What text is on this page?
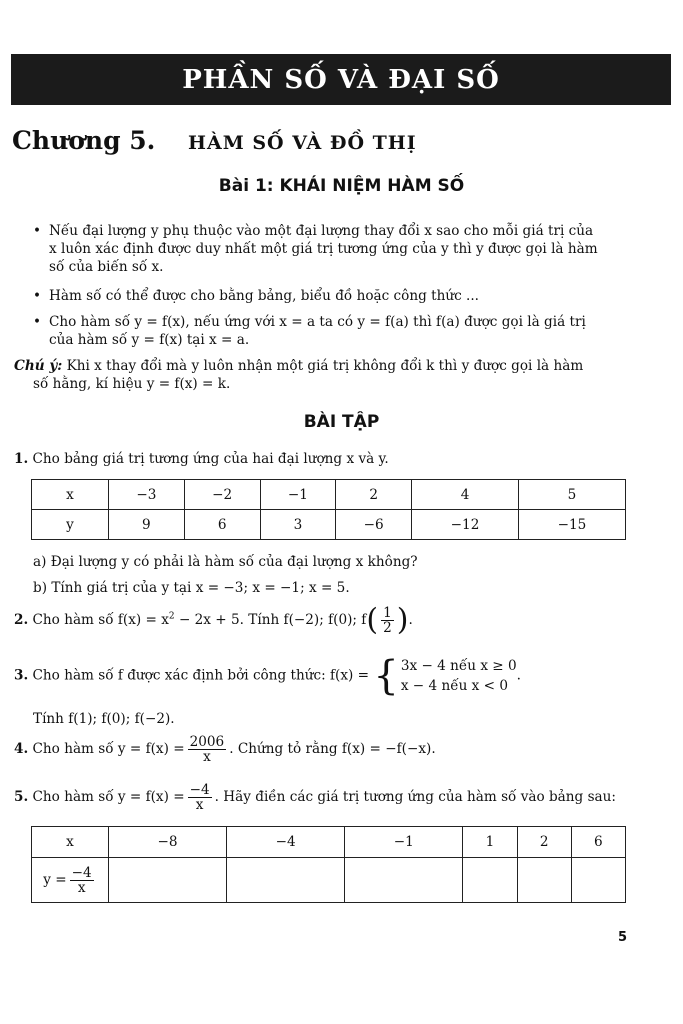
PHẦN SỐ VÀ ĐẠI SỐ
Chương 5. HÀM SỐ VÀ ĐỒ THỊ
Bài 1: KHÁI NIỆM HÀM SỐ
• Nếu đại lượng y phụ thuộc vào một đại lượng thay đổi x sao cho mỗi giá trị của
x luôn xác định được duy nhất một giá trị tương ứng của y thì y được gọi là hàm
số của biến số x.
• Hàm số có thể được cho bằng bảng, biểu đồ hoặc công thức ...
• Cho hàm số y = f(x), nếu ứng với x = a ta có y = f(a) thì f(a) được gọi là giá trị
của hàm số y = f(x) tại x = a.
Chú ý: Khi x thay đổi mà y luôn nhận một giá trị không đổi k thì y được gọi là hàm
số hằng, kí hiệu y = f(x) = k.
BÀI TẬP
1. Cho bảng giá trị tương ứng của hai đại lượng x và y.
x	−3	−2	−1	2	4	5
y	9	6	3	−6	−12	−15
a) Đại lượng y có phải là hàm số của đại lượng x không?
b) Tính giá trị của y tại x = −3; x = −1; x = 5.
2. Cho hàm số $f(x) = x^2 - 2x + 5$. Tính f(−2); f(0); $f( \frac{1}{2}$ ).
3. Cho hàm số f được xác định bởi công thức: f(x) = { 3x − 4 nếu x ≥ 0
x − 4 nếu x < 0
.
Tính f(1); f(0); f(−2).
4. Cho hàm số $y = f(x) = \frac{2006}{x}$ . Chứng tỏ rằng f(x) = −f(−x).
5. Cho hàm số $y = f(x) = \frac{-4}{x}$ . Hãy điền các giá trị tương ứng của hàm số vào bảng sau:
x	−8	−4	−1	1	2	6
$y = \frac{-4}{x}$

5
